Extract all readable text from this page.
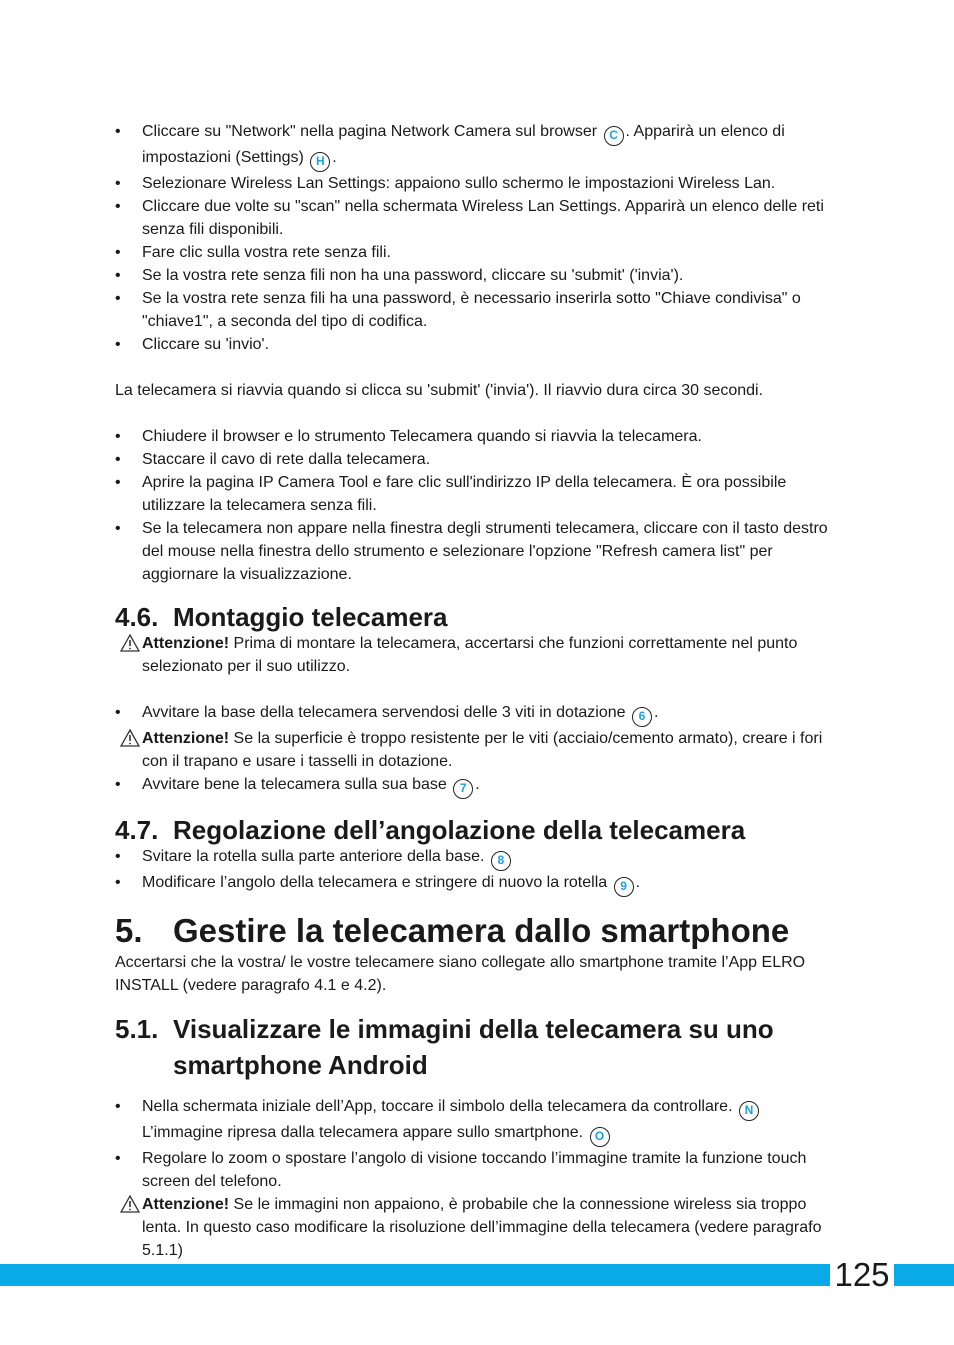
• Cliccare su "Network" nella pagina Network Camera sul browser C . Apparirà un elenco di impostazioni (Settings) H .
• Selezionare Wireless Lan Settings: appaiono sullo schermo le impostazioni Wireless Lan.
• Cliccare due volte su "scan" nella schermata Wireless Lan Settings. Apparirà un elenco delle reti senza fili disponibili.
• Fare clic sulla vostra rete senza fili.
• Se la vostra rete senza fili non ha una password, cliccare su 'submit' ('invia').
• Se la vostra rete senza fili ha una password, è necessario inserirla sotto "Chiave condivisa" o "chiave1", a seconda del tipo di codifica.
• Cliccare su 'invio'.

La telecamera si riavvia quando si clicca su 'submit' ('invia'). Il riavvio dura circa 30 secondi.

• Chiudere il browser e lo strumento Telecamera quando si riavvia la telecamera.
• Staccare il cavo di rete dalla telecamera.
• Aprire la pagina IP Camera Tool e fare clic sull'indirizzo IP della telecamera. È ora possibile utilizzare la telecamera senza fili.
• Se la telecamera non appare nella finestra degli strumenti telecamera, cliccare con il tasto destro del mouse nella finestra dello strumento e selezionare l'opzione "Refresh camera list" per aggiornare la visualizzazione.
4.6. Montaggio telecamera
Attenzione! Prima di montare la telecamera, accertarsi che funzioni correttamente nel punto selezionato per il suo utilizzo.
• Avvitare la base della telecamera servendosi delle 3 viti in dotazione 6 .
Attenzione! Se la superficie è troppo resistente per le viti (acciaio/cemento armato), creare i fori con il trapano e usare i tasselli in dotazione.
• Avvitare bene la telecamera sulla sua base 7 .
4.7. Regolazione dell’angolazione della telecamera
• Svitare la rotella sulla parte anteriore della base. 8
• Modificare l’angolo della telecamera e stringere di nuovo la rotella 9 .
5. Gestire la telecamera dallo smartphone

Accertarsi che la vostra/ le vostre telecamere siano collegate allo smartphone tramite l’App ELRO INSTALL (vedere paragrafo 4.1 e 4.2).

5.1. Visualizzare le immagini della telecamera su uno smartphone Android
• Nella schermata iniziale dell’App, toccare il simbolo della telecamera da controllare. N L’immagine ripresa dalla telecamera appare sullo smartphone. O
• Regolare lo zoom o spostare l’angolo di visione toccando l’immagine tramite la funzione touch screen del telefono.
Attenzione! Se le immagini non appaiono, è probabile che la connessione wireless sia troppo lenta. In questo caso modificare la risoluzione dell’immagine della telecamera (vedere paragrafo 5.1.1)
125
